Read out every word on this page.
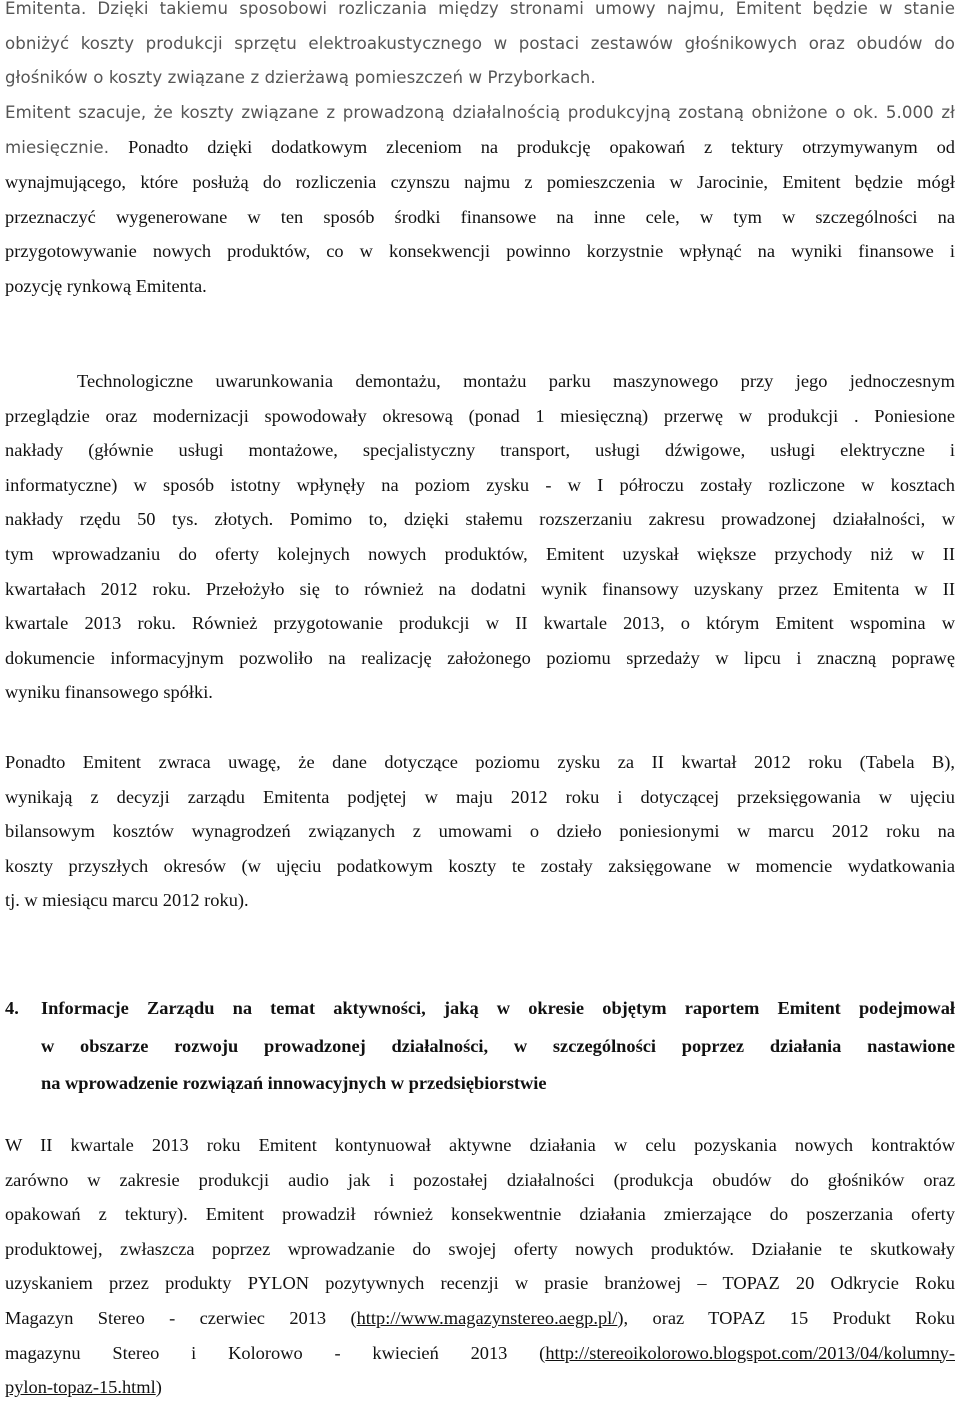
Emitenta. Dzięki takiemu sposobowi rozliczania między stronami umowy najmu, Emitent będzie w stanie
obniżyć koszty produkcji sprzętu elektroakustycznego w postaci zestawów głośnikowych oraz obudów do
głośników o koszty związane z dzierżawą pomieszczeń w Przyborkach.
Emitent szacuje, że koszty związane z prowadzoną działalnością produkcyjną zostaną obniżone o ok. 5.000 zł
miesięcznie. Ponadto dzięki dodatkowym zleceniom na produkcję opakowań z tektury otrzymywanym od
wynajmującego, które posłużą do rozliczenia czynszu najmu z pomieszczenia w Jarocinie, Emitent będzie mógł
przeznaczyć wygenerowane w ten sposób środki finansowe na inne cele, w tym w szczególności na
przygotowywanie nowych produktów, co w konsekwencji powinno korzystnie wpłynąć na wyniki finansowe i
pozycję rynkową Emitenta.
Technologiczne uwarunkowania demontażu, montażu parku maszynowego przy jego jednoczesnym
przeglądzie oraz modernizacji spowodowały okresową (ponad 1 miesięczną) przerwę w produkcji . Poniesione
nakłady (głównie usługi montażowe, specjalistyczny transport, usługi dźwigowe, usługi elektryczne i
informatyczne) w sposób istotny wpłynęły na poziom zysku - w I półroczu zostały rozliczone w kosztach
nakłady rzędu 50 tys. złotych. Pomimo to, dzięki stałemu rozszerzaniu zakresu prowadzonej działalności, w
tym wprowadzaniu do oferty kolejnych nowych produktów, Emitent uzyskał większe przychody niż w II
kwartałach 2012 roku. Przełożyło się to również na dodatni wynik finansowy uzyskany przez Emitenta w II
kwartale 2013 roku. Również przygotowanie produkcji w II kwartale 2013, o którym Emitent wspomina w
dokumencie informacyjnym pozwoliło na realizację założonego poziomu sprzedaży w lipcu i znaczną poprawę
wyniku finansowego spółki.
Ponadto Emitent zwraca uwagę, że dane dotyczące poziomu zysku za II kwartał 2012 roku (Tabela B),
wynikają z decyzji zarządu Emitenta podjętej w maju 2012 roku i dotyczącej przeksięgowania w ujęciu
bilansowym kosztów wynagrodzeń związanych z umowami o dzieło poniesionymi w marcu 2012 roku na
koszty przyszłych okresów (w ujęciu podatkowym koszty te zostały zaksięgowane w momencie wydatkowania
tj. w miesiącu marcu 2012 roku).
4. Informacje Zarządu na temat aktywności, jaką w okresie objętym raportem Emitent podejmował
w obszarze rozwoju prowadzonej działalności, w szczególności poprzez działania nastawione
na wprowadzenie rozwiązań innowacyjnych w przedsiębiorstwie
W II kwartale 2013 roku Emitent kontynuował aktywne działania w celu pozyskania nowych kontraktów
zarówno w zakresie produkcji audio jak i pozostałej działalności (produkcja obudów do głośników oraz
opakowań z tektury). Emitent prowadził również konsekwentnie działania zmierzające do poszerzania oferty
produktowej, zwłaszcza poprzez wprowadzanie do swojej oferty nowych produktów. Działanie te skutkowały
uzyskaniem przez produkty PYLON pozytywnych recenzji w prasie branżowej – TOPAZ 20 Odkrycie Roku
Magazyn Stereo - czerwiec 2013 (http://www.magazynstereo.aegp.pl/), oraz TOPAZ 15 Produkt Roku
magazynu Stereo i Kolorowo - kwiecień 2013 (http://stereoikolorowo.blogspot.com/2013/04/kolumny-
pylon-topaz-15.html)
